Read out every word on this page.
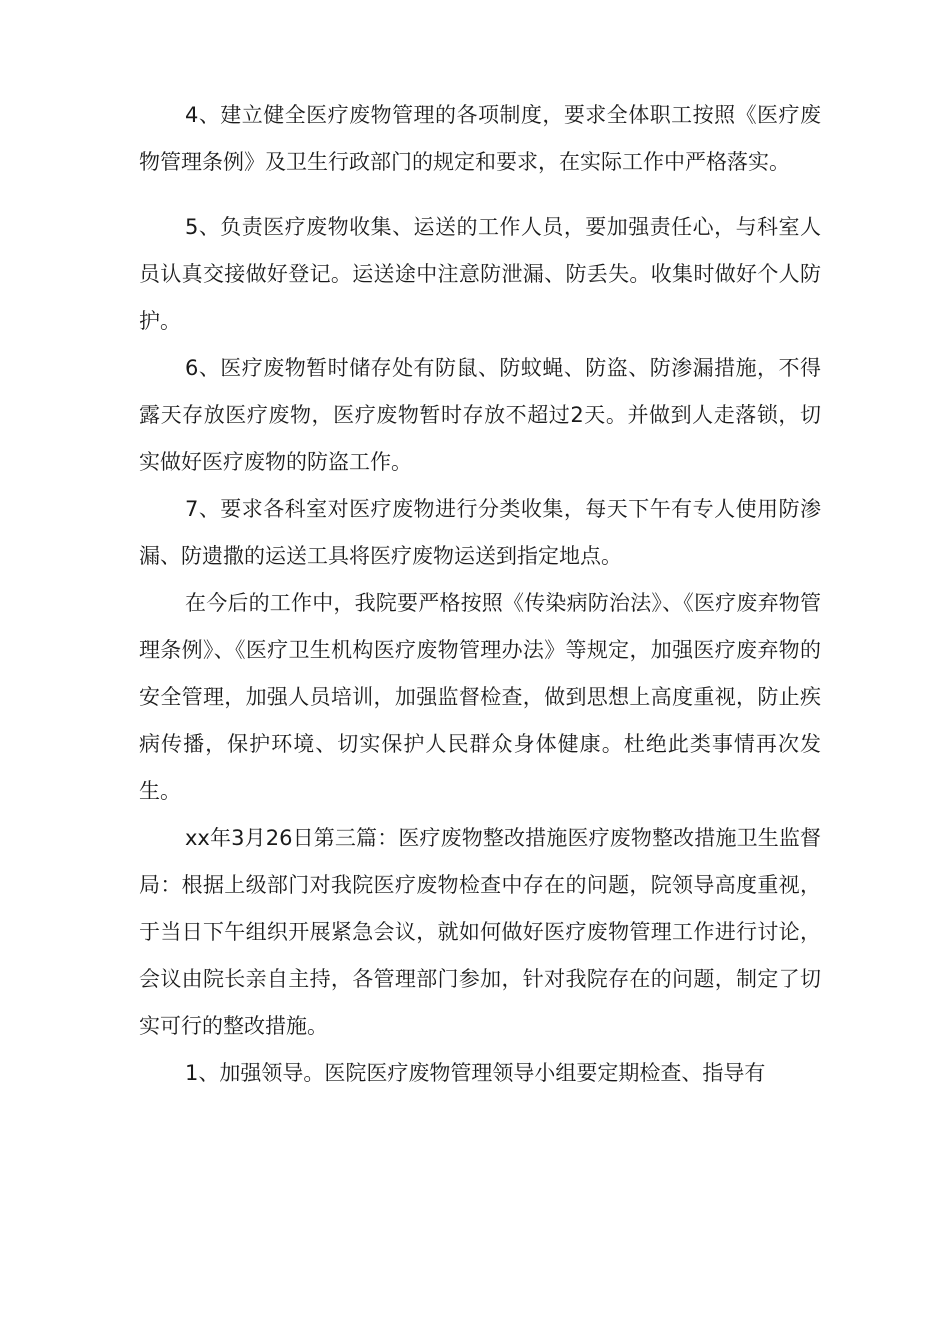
4、建立健全医疗废物管理的各项制度，要求全体职工按照《医疗废物管理条例》及卫生行政部门的规定和要求，在实际工作中严格落实。

5、负责医疗废物收集、运送的工作人员，要加强责任心，与科室人员认真交接做好登记。运送途中注意防泄漏、防丢失。收集时做好个人防护。

6、医疗废物暂时储存处有防鼠、防蚊蝇、防盗、防渗漏措施，不得露天存放医疗废物，医疗废物暂时存放不超过2天。并做到人走落锁，切实做好医疗废物的防盗工作。

7、要求各科室对医疗废物进行分类收集，每天下午有专人使用防渗漏、防遗撒的运送工具将医疗废物运送到指定地点。

在今后的工作中，我院要严格按照《传染病防治法》、《医疗废弃物管理条例》、《医疗卫生机构医疗废物管理办法》等规定，加强医疗废弃物的安全管理，加强人员培训，加强监督检查，做到思想上高度重视，防止疾病传播，保护环境、切实保护人民群众身体健康。杜绝此类事情再次发生。

xx年3月26日第三篇：医疗废物整改措施医疗废物整改措施卫生监督局：根据上级部门对我院医疗废物检查中存在的问题，院领导高度重视，于当日下午组织开展紧急会议，就如何做好医疗废物管理工作进行讨论，会议由院长亲自主持，各管理部门参加，针对我院存在的问题，制定了切实可行的整改措施。

1、加强领导。医院医疗废物管理领导小组要定期检查、指导有
